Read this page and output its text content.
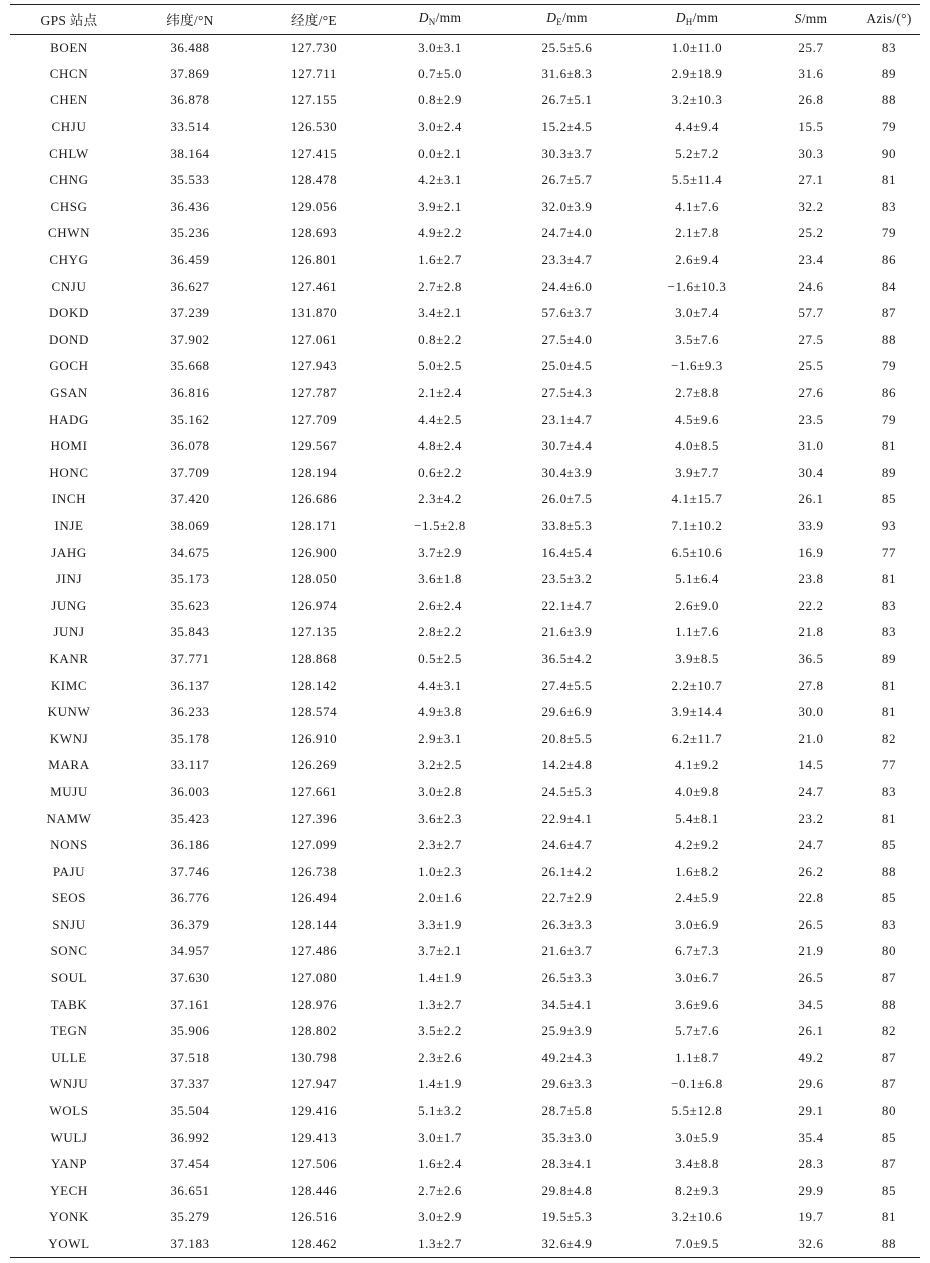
GPS 站点	纬度/°N	经度/°E	$D_N/mm$	$D_E/mm$	$D_H/mm$	S/mm	Azis/(°)
BOEN	36.488	127.730	3.0±3.1	25.5±5.6	1.0±11.0	25.7	83
CHCN	37.869	127.711	0.7±5.0	31.6±8.3	2.9±18.9	31.6	89
CHEN	36.878	127.155	0.8±2.9	26.7±5.1	3.2±10.3	26.8	88
CHJU	33.514	126.530	3.0±2.4	15.2±4.5	4.4±9.4	15.5	79
CHLW	38.164	127.415	0.0±2.1	30.3±3.7	5.2±7.2	30.3	90
CHNG	35.533	128.478	4.2±3.1	26.7±5.7	5.5±11.4	27.1	81
CHSG	36.436	129.056	3.9±2.1	32.0±3.9	4.1±7.6	32.2	83
CHWN	35.236	128.693	4.9±2.2	24.7±4.0	2.1±7.8	25.2	79
CHYG	36.459	126.801	1.6±2.7	23.3±4.7	2.6±9.4	23.4	86
CNJU	36.627	127.461	2.7±2.8	24.4±6.0	−1.6±10.3	24.6	84
DOKD	37.239	131.870	3.4±2.1	57.6±3.7	3.0±7.4	57.7	87
DOND	37.902	127.061	0.8±2.2	27.5±4.0	3.5±7.6	27.5	88
GOCH	35.668	127.943	5.0±2.5	25.0±4.5	−1.6±9.3	25.5	79
GSAN	36.816	127.787	2.1±2.4	27.5±4.3	2.7±8.8	27.6	86
HADG	35.162	127.709	4.4±2.5	23.1±4.7	4.5±9.6	23.5	79
HOMI	36.078	129.567	4.8±2.4	30.7±4.4	4.0±8.5	31.0	81
HONC	37.709	128.194	0.6±2.2	30.4±3.9	3.9±7.7	30.4	89
INCH	37.420	126.686	2.3±4.2	26.0±7.5	4.1±15.7	26.1	85
INJE	38.069	128.171	−1.5±2.8	33.8±5.3	7.1±10.2	33.9	93
JAHG	34.675	126.900	3.7±2.9	16.4±5.4	6.5±10.6	16.9	77
JINJ	35.173	128.050	3.6±1.8	23.5±3.2	5.1±6.4	23.8	81
JUNG	35.623	126.974	2.6±2.4	22.1±4.7	2.6±9.0	22.2	83
JUNJ	35.843	127.135	2.8±2.2	21.6±3.9	1.1±7.6	21.8	83
KANR	37.771	128.868	0.5±2.5	36.5±4.2	3.9±8.5	36.5	89
KIMC	36.137	128.142	4.4±3.1	27.4±5.5	2.2±10.7	27.8	81
KUNW	36.233	128.574	4.9±3.8	29.6±6.9	3.9±14.4	30.0	81
KWNJ	35.178	126.910	2.9±3.1	20.8±5.5	6.2±11.7	21.0	82
MARA	33.117	126.269	3.2±2.5	14.2±4.8	4.1±9.2	14.5	77
MUJU	36.003	127.661	3.0±2.8	24.5±5.3	4.0±9.8	24.7	83
NAMW	35.423	127.396	3.6±2.3	22.9±4.1	5.4±8.1	23.2	81
NONS	36.186	127.099	2.3±2.7	24.6±4.7	4.2±9.2	24.7	85
PAJU	37.746	126.738	1.0±2.3	26.1±4.2	1.6±8.2	26.2	88
SEOS	36.776	126.494	2.0±1.6	22.7±2.9	2.4±5.9	22.8	85
SNJU	36.379	128.144	3.3±1.9	26.3±3.3	3.0±6.9	26.5	83
SONC	34.957	127.486	3.7±2.1	21.6±3.7	6.7±7.3	21.9	80
SOUL	37.630	127.080	1.4±1.9	26.5±3.3	3.0±6.7	26.5	87
TABK	37.161	128.976	1.3±2.7	34.5±4.1	3.6±9.6	34.5	88
TEGN	35.906	128.802	3.5±2.2	25.9±3.9	5.7±7.6	26.1	82
ULLE	37.518	130.798	2.3±2.6	49.2±4.3	1.1±8.7	49.2	87
WNJU	37.337	127.947	1.4±1.9	29.6±3.3	−0.1±6.8	29.6	87
WOLS	35.504	129.416	5.1±3.2	28.7±5.8	5.5±12.8	29.1	80
WULJ	36.992	129.413	3.0±1.7	35.3±3.0	3.0±5.9	35.4	85
YANP	37.454	127.506	1.6±2.4	28.3±4.1	3.4±8.8	28.3	87
YECH	36.651	128.446	2.7±2.6	29.8±4.8	8.2±9.3	29.9	85
YONK	35.279	126.516	3.0±2.9	19.5±5.3	3.2±10.6	19.7	81
YOWL	37.183	128.462	1.3±2.7	32.6±4.9	7.0±9.5	32.6	88
